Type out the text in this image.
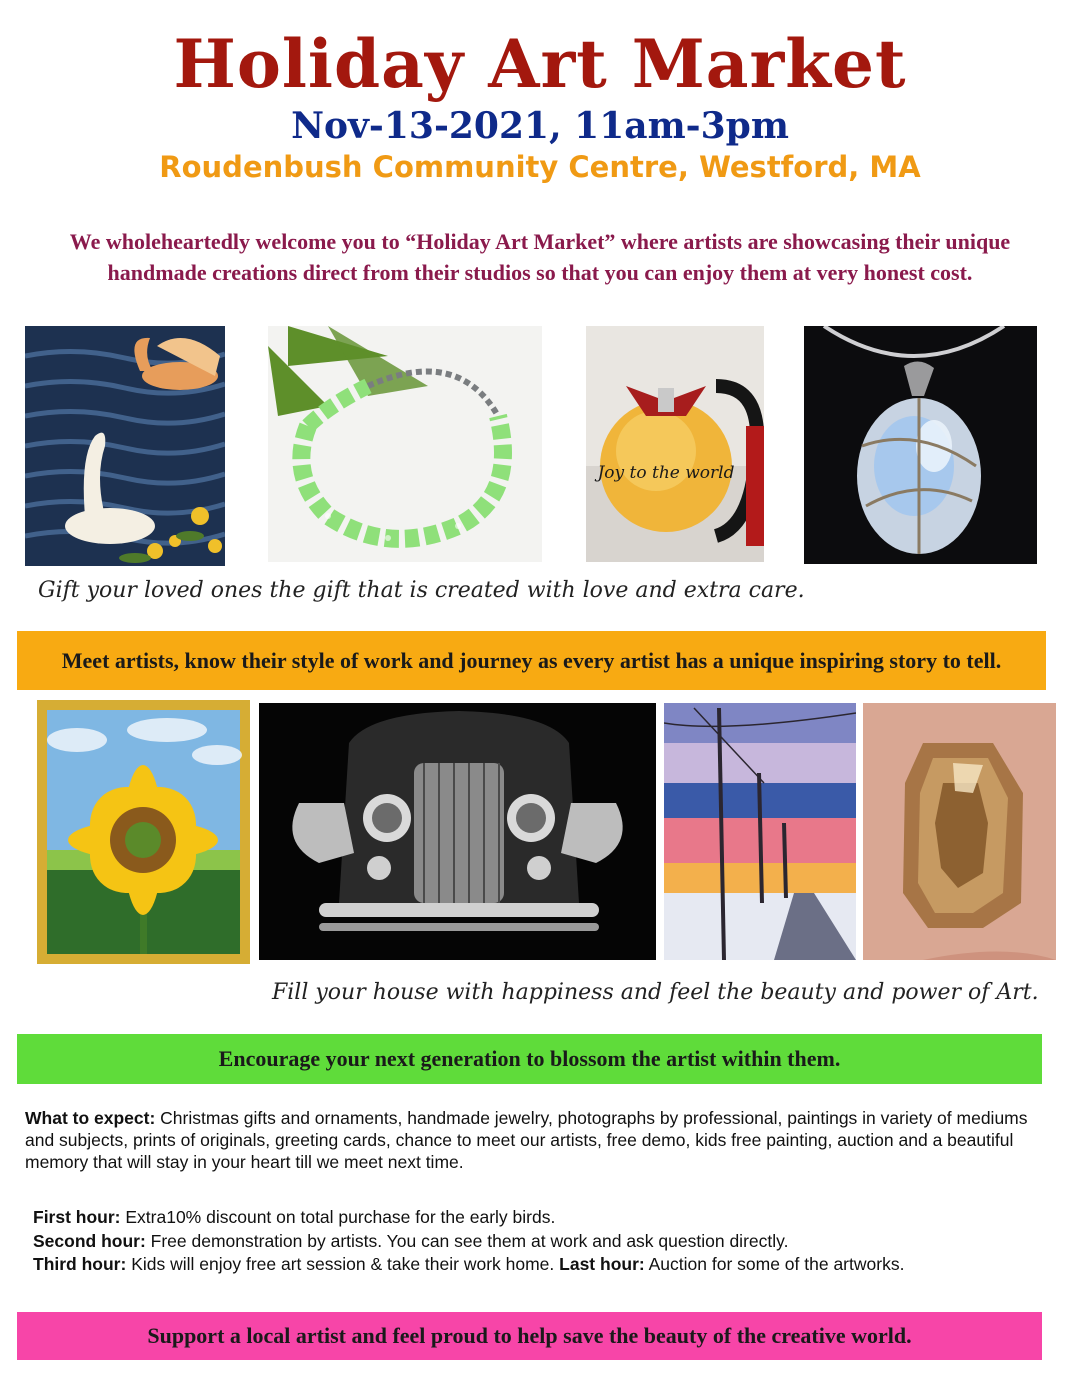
Holiday Art Market
Nov-13-2021, 11am-3pm
Roudenbush Community Centre, Westford, MA
We wholeheartedly welcome you to “Holiday Art Market” where artists are showcasing their unique
handmade creations direct from their studios so that you can enjoy them at very honest cost.
Joy to the world
Gift your loved ones the gift that is created with love and extra care.
Meet artists, know their style of work and journey as every artist has a unique inspiring story to tell.
Fill your house with happiness and feel the beauty and power of Art.
Encourage your next generation to blossom the artist within them.
What to expect: Christmas gifts and ornaments, handmade jewelry, photographs by professional, paintings in variety of mediums and subjects, prints of originals, greeting cards, chance to meet our artists, free demo, kids free painting, auction and a beautiful memory that will stay in your heart till we meet next time.
First hour: Extra10% discount on total purchase for the early birds.
Second hour: Free demonstration by artists. You can see them at work and ask question directly.
Third hour: Kids will enjoy free art session & take their work home. Last hour: Auction for some of the artworks.
Support a local artist and feel proud to help save the beauty of the creative world.
